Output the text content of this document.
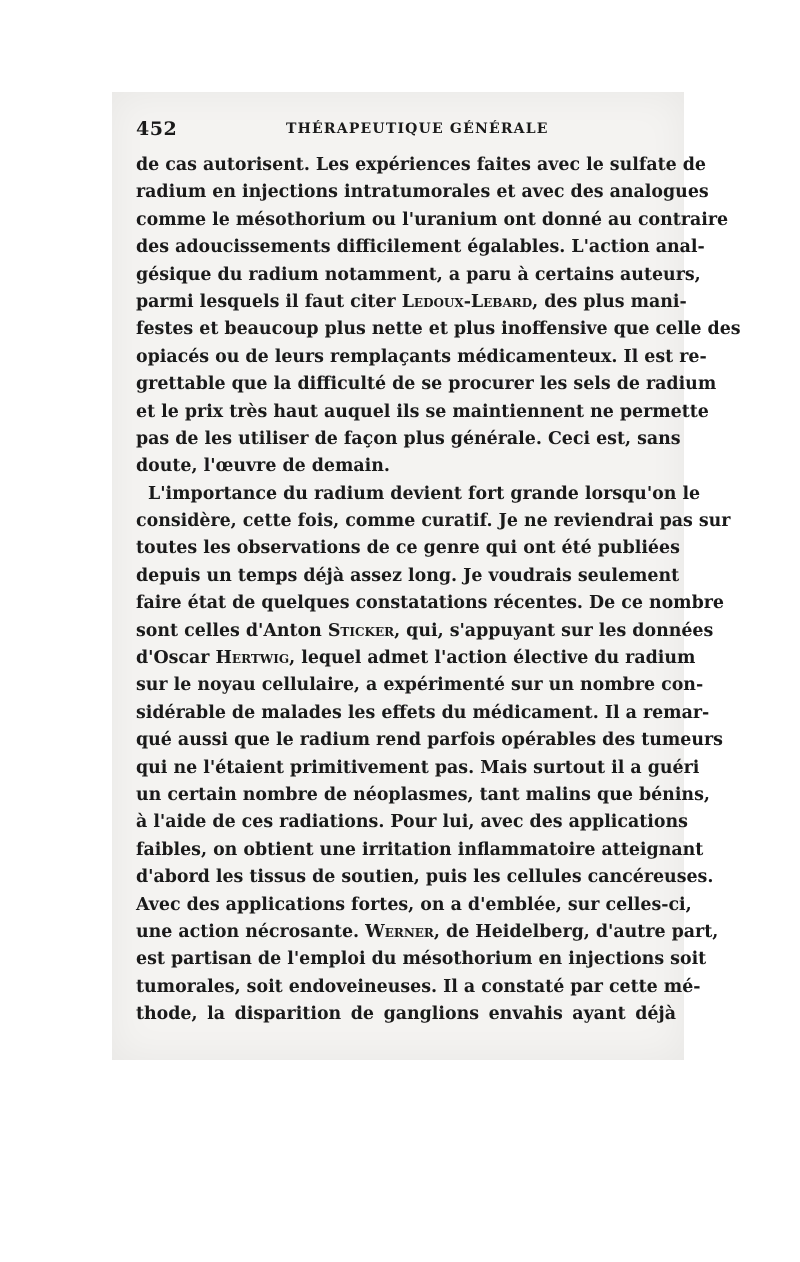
452	THÉRAPEUTIQUE GÉNÉRALE
de cas autorisent. Les expériences faites avec le sulfate de
radium en injections intratumorales et avec des analogues
comme le mésothorium ou l'uranium ont donné au contraire
des adoucissements difficilement égalables. L'action anal-
gésique du radium notamment, a paru à certains auteurs,
parmi lesquels il faut citer Ledoux-Lebard, des plus mani-
festes et beaucoup plus nette et plus inoffensive que celle des
opiacés ou de leurs remplaçants médicamenteux. Il est re-
grettable que la difficulté de se procurer les sels de radium
et le prix très haut auquel ils se maintiennent ne permette
pas de les utiliser de façon plus générale. Ceci est, sans
doute, l'œuvre de demain.
L'importance du radium devient fort grande lorsqu'on le
considère, cette fois, comme curatif. Je ne reviendrai pas sur
toutes les observations de ce genre qui ont été publiées
depuis un temps déjà assez long. Je voudrais seulement
faire état de quelques constatations récentes. De ce nombre
sont celles d'Anton Sticker, qui, s'appuyant sur les données
d'Oscar Hertwig, lequel admet l'action élective du radium
sur le noyau cellulaire, a expérimenté sur un nombre con-
sidérable de malades les effets du médicament. Il a remar-
qué aussi que le radium rend parfois opérables des tumeurs
qui ne l'étaient primitivement pas. Mais surtout il a guéri
un certain nombre de néoplasmes, tant malins que bénins,
à l'aide de ces radiations. Pour lui, avec des applications
faibles, on obtient une irritation inflammatoire atteignant
d'abord les tissus de soutien, puis les cellules cancéreuses.
Avec des applications fortes, on a d'emblée, sur celles-ci,
une action nécrosante. Werner, de Heidelberg, d'autre part,
est partisan de l'emploi du mésothorium en injections soit
tumorales, soit endoveineuses. Il a constaté par cette mé-
thode, la disparition de ganglions envahis ayant déjà
